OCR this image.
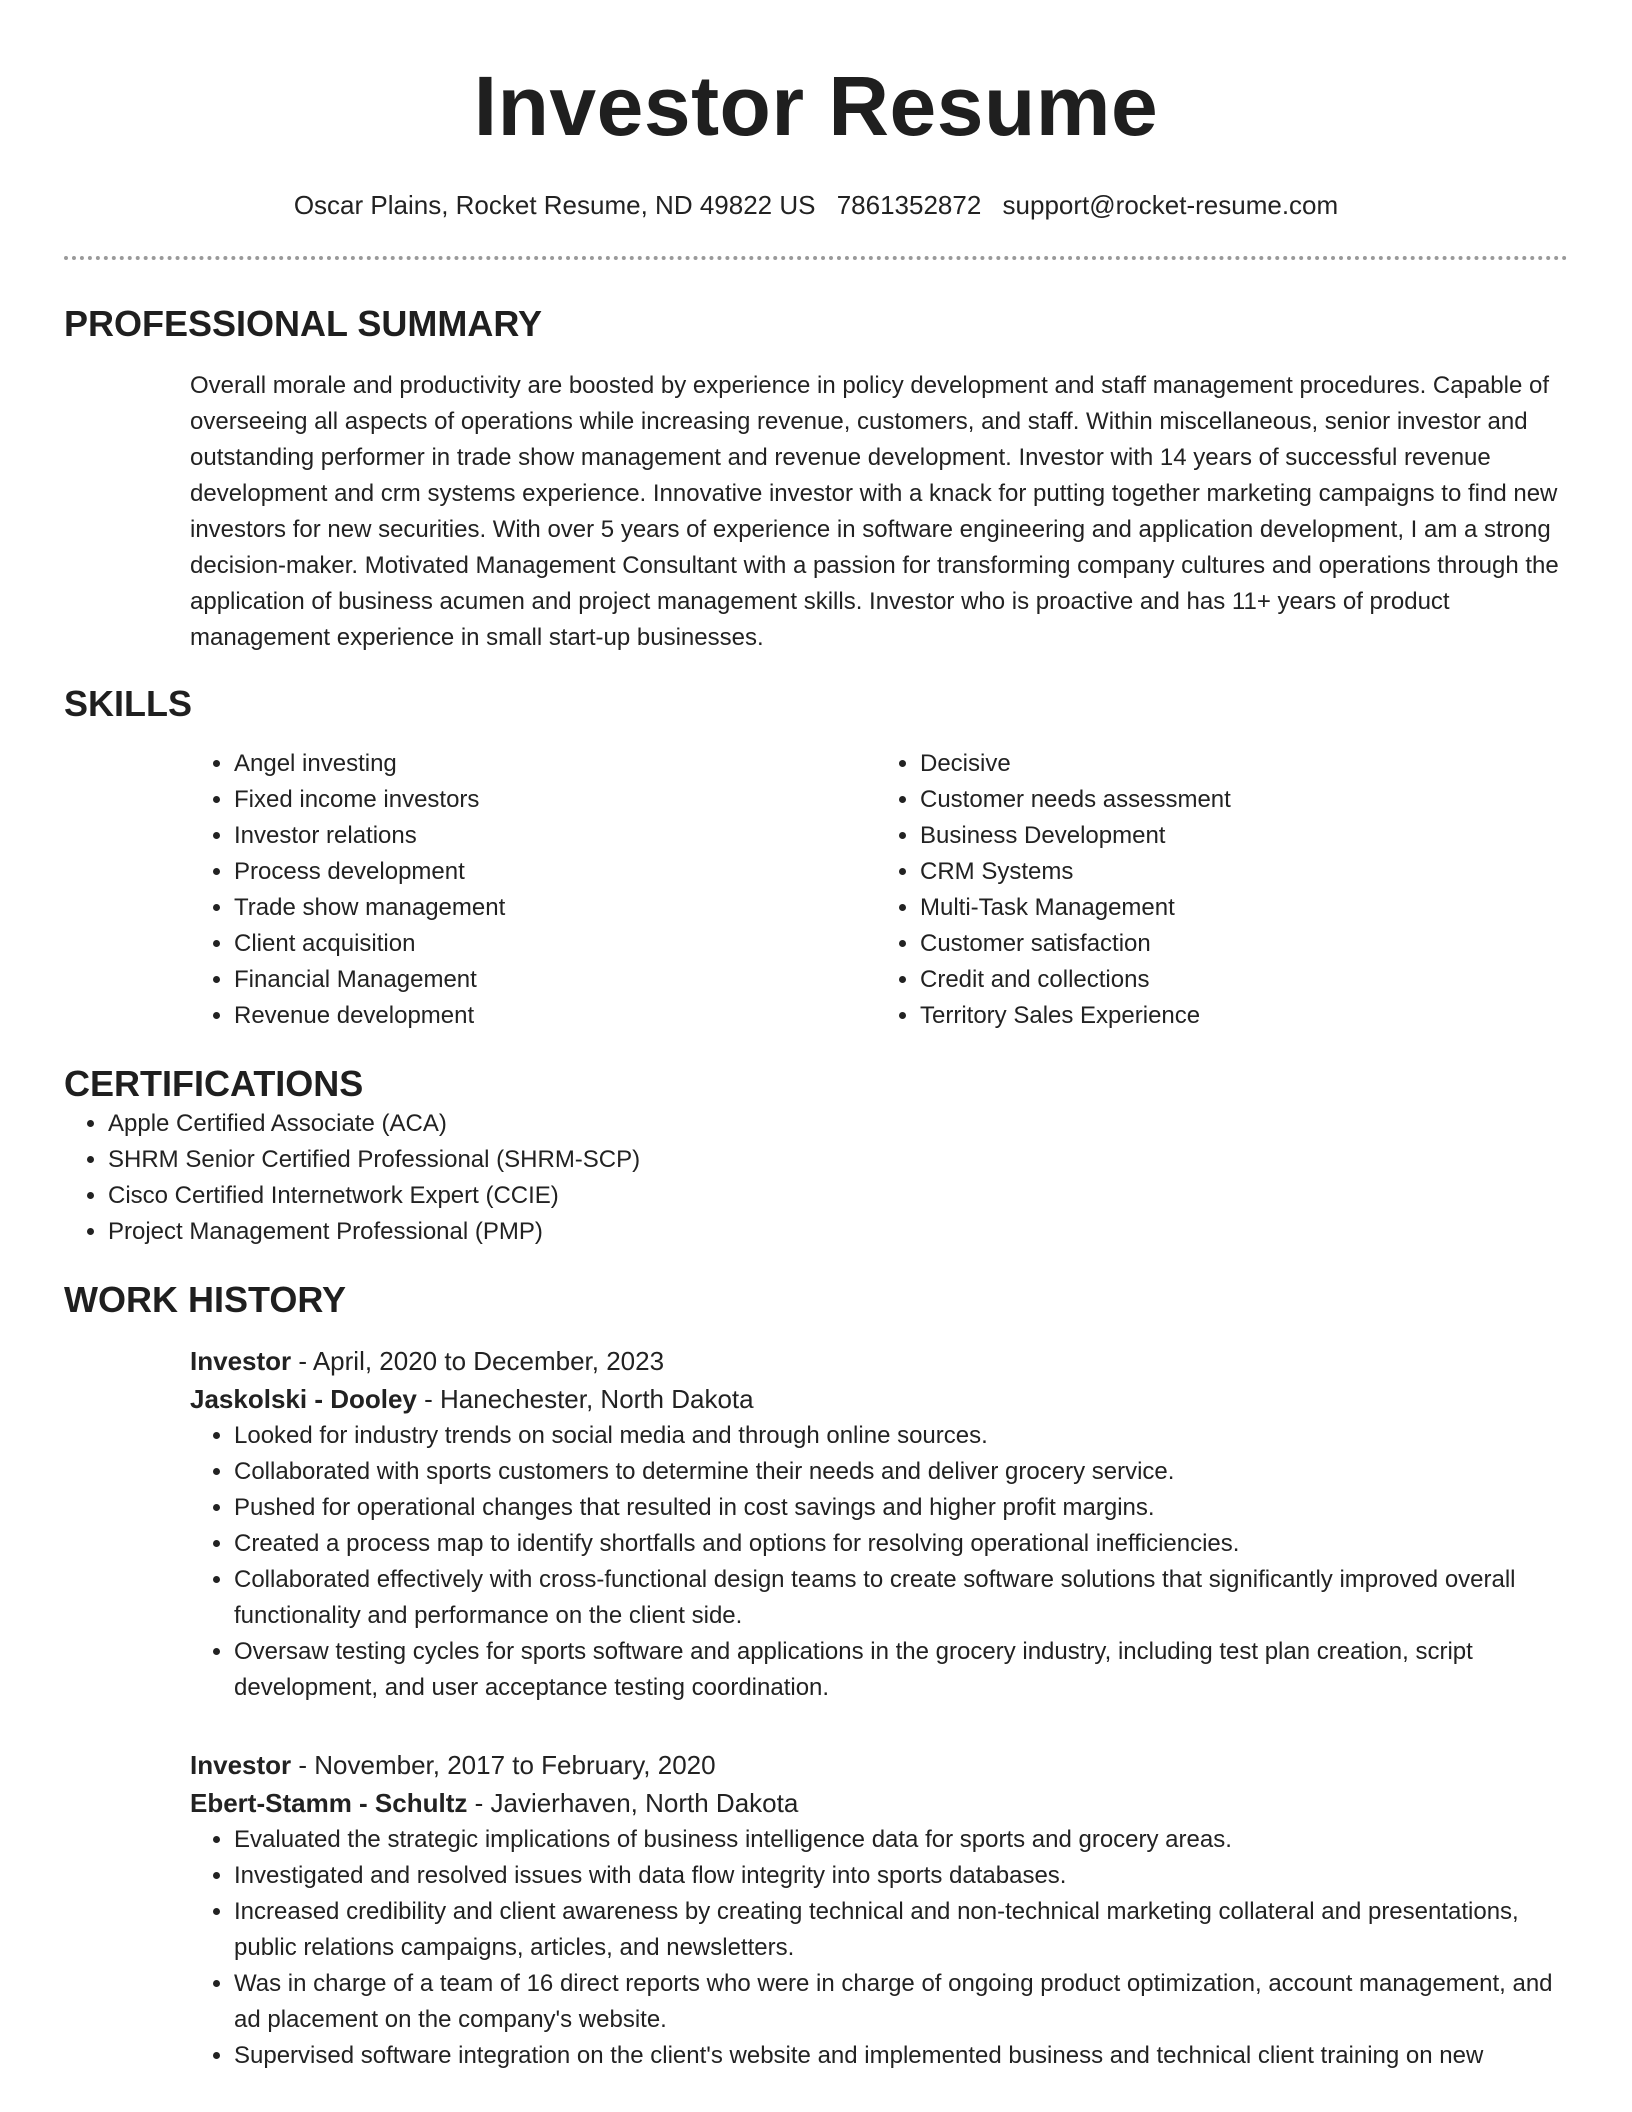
Investor Resume
Oscar Plains, Rocket Resume, ND 49822 US 7861352872 support@rocket-resume.com
PROFESSIONAL SUMMARY

Overall morale and productivity are boosted by experience in policy development and staff management procedures. Capable of overseeing all aspects of operations while increasing revenue, customers, and staff. Within miscellaneous, senior investor and outstanding performer in trade show management and revenue development. Investor with 14 years of successful revenue development and crm systems experience. Innovative investor with a knack for putting together marketing campaigns to find new investors for new securities. With over 5 years of experience in software engineering and application development, I am a strong decision-maker. Motivated Management Consultant with a passion for transforming company cultures and operations through the application of business acumen and project management skills. Investor who is proactive and has 11+ years of product management experience in small start-up businesses.

SKILLS
• Angel investing
• Fixed income investors
• Investor relations
• Process development
• Trade show management
• Client acquisition
• Financial Management
• Revenue development
• Decisive
• Customer needs assessment
• Business Development
• CRM Systems
• Multi-Task Management
• Customer satisfaction
• Credit and collections
• Territory Sales Experience
CERTIFICATIONS
• Apple Certified Associate (ACA)
• SHRM Senior Certified Professional (SHRM-SCP)
• Cisco Certified Internetwork Expert (CCIE)
• Project Management Professional (PMP)
WORK HISTORY
Investor - April, 2020 to December, 2023
Jaskolski - Dooley - Hanechester, North Dakota
• Looked for industry trends on social media and through online sources.
• Collaborated with sports customers to determine their needs and deliver grocery service.
• Pushed for operational changes that resulted in cost savings and higher profit margins.
• Created a process map to identify shortfalls and options for resolving operational inefficiencies.
• Collaborated effectively with cross-functional design teams to create software solutions that significantly improved overall functionality and performance on the client side.
• Oversaw testing cycles for sports software and applications in the grocery industry, including test plan creation, script development, and user acceptance testing coordination.
Investor - November, 2017 to February, 2020
Ebert-Stamm - Schultz - Javierhaven, North Dakota
• Evaluated the strategic implications of business intelligence data for sports and grocery areas.
• Investigated and resolved issues with data flow integrity into sports databases.
• Increased credibility and client awareness by creating technical and non-technical marketing collateral and presentations, public relations campaigns, articles, and newsletters.
• Was in charge of a team of 16 direct reports who were in charge of ongoing product optimization, account management, and ad placement on the company's website.
• Supervised software integration on the client's website and implemented business and technical client training on new
